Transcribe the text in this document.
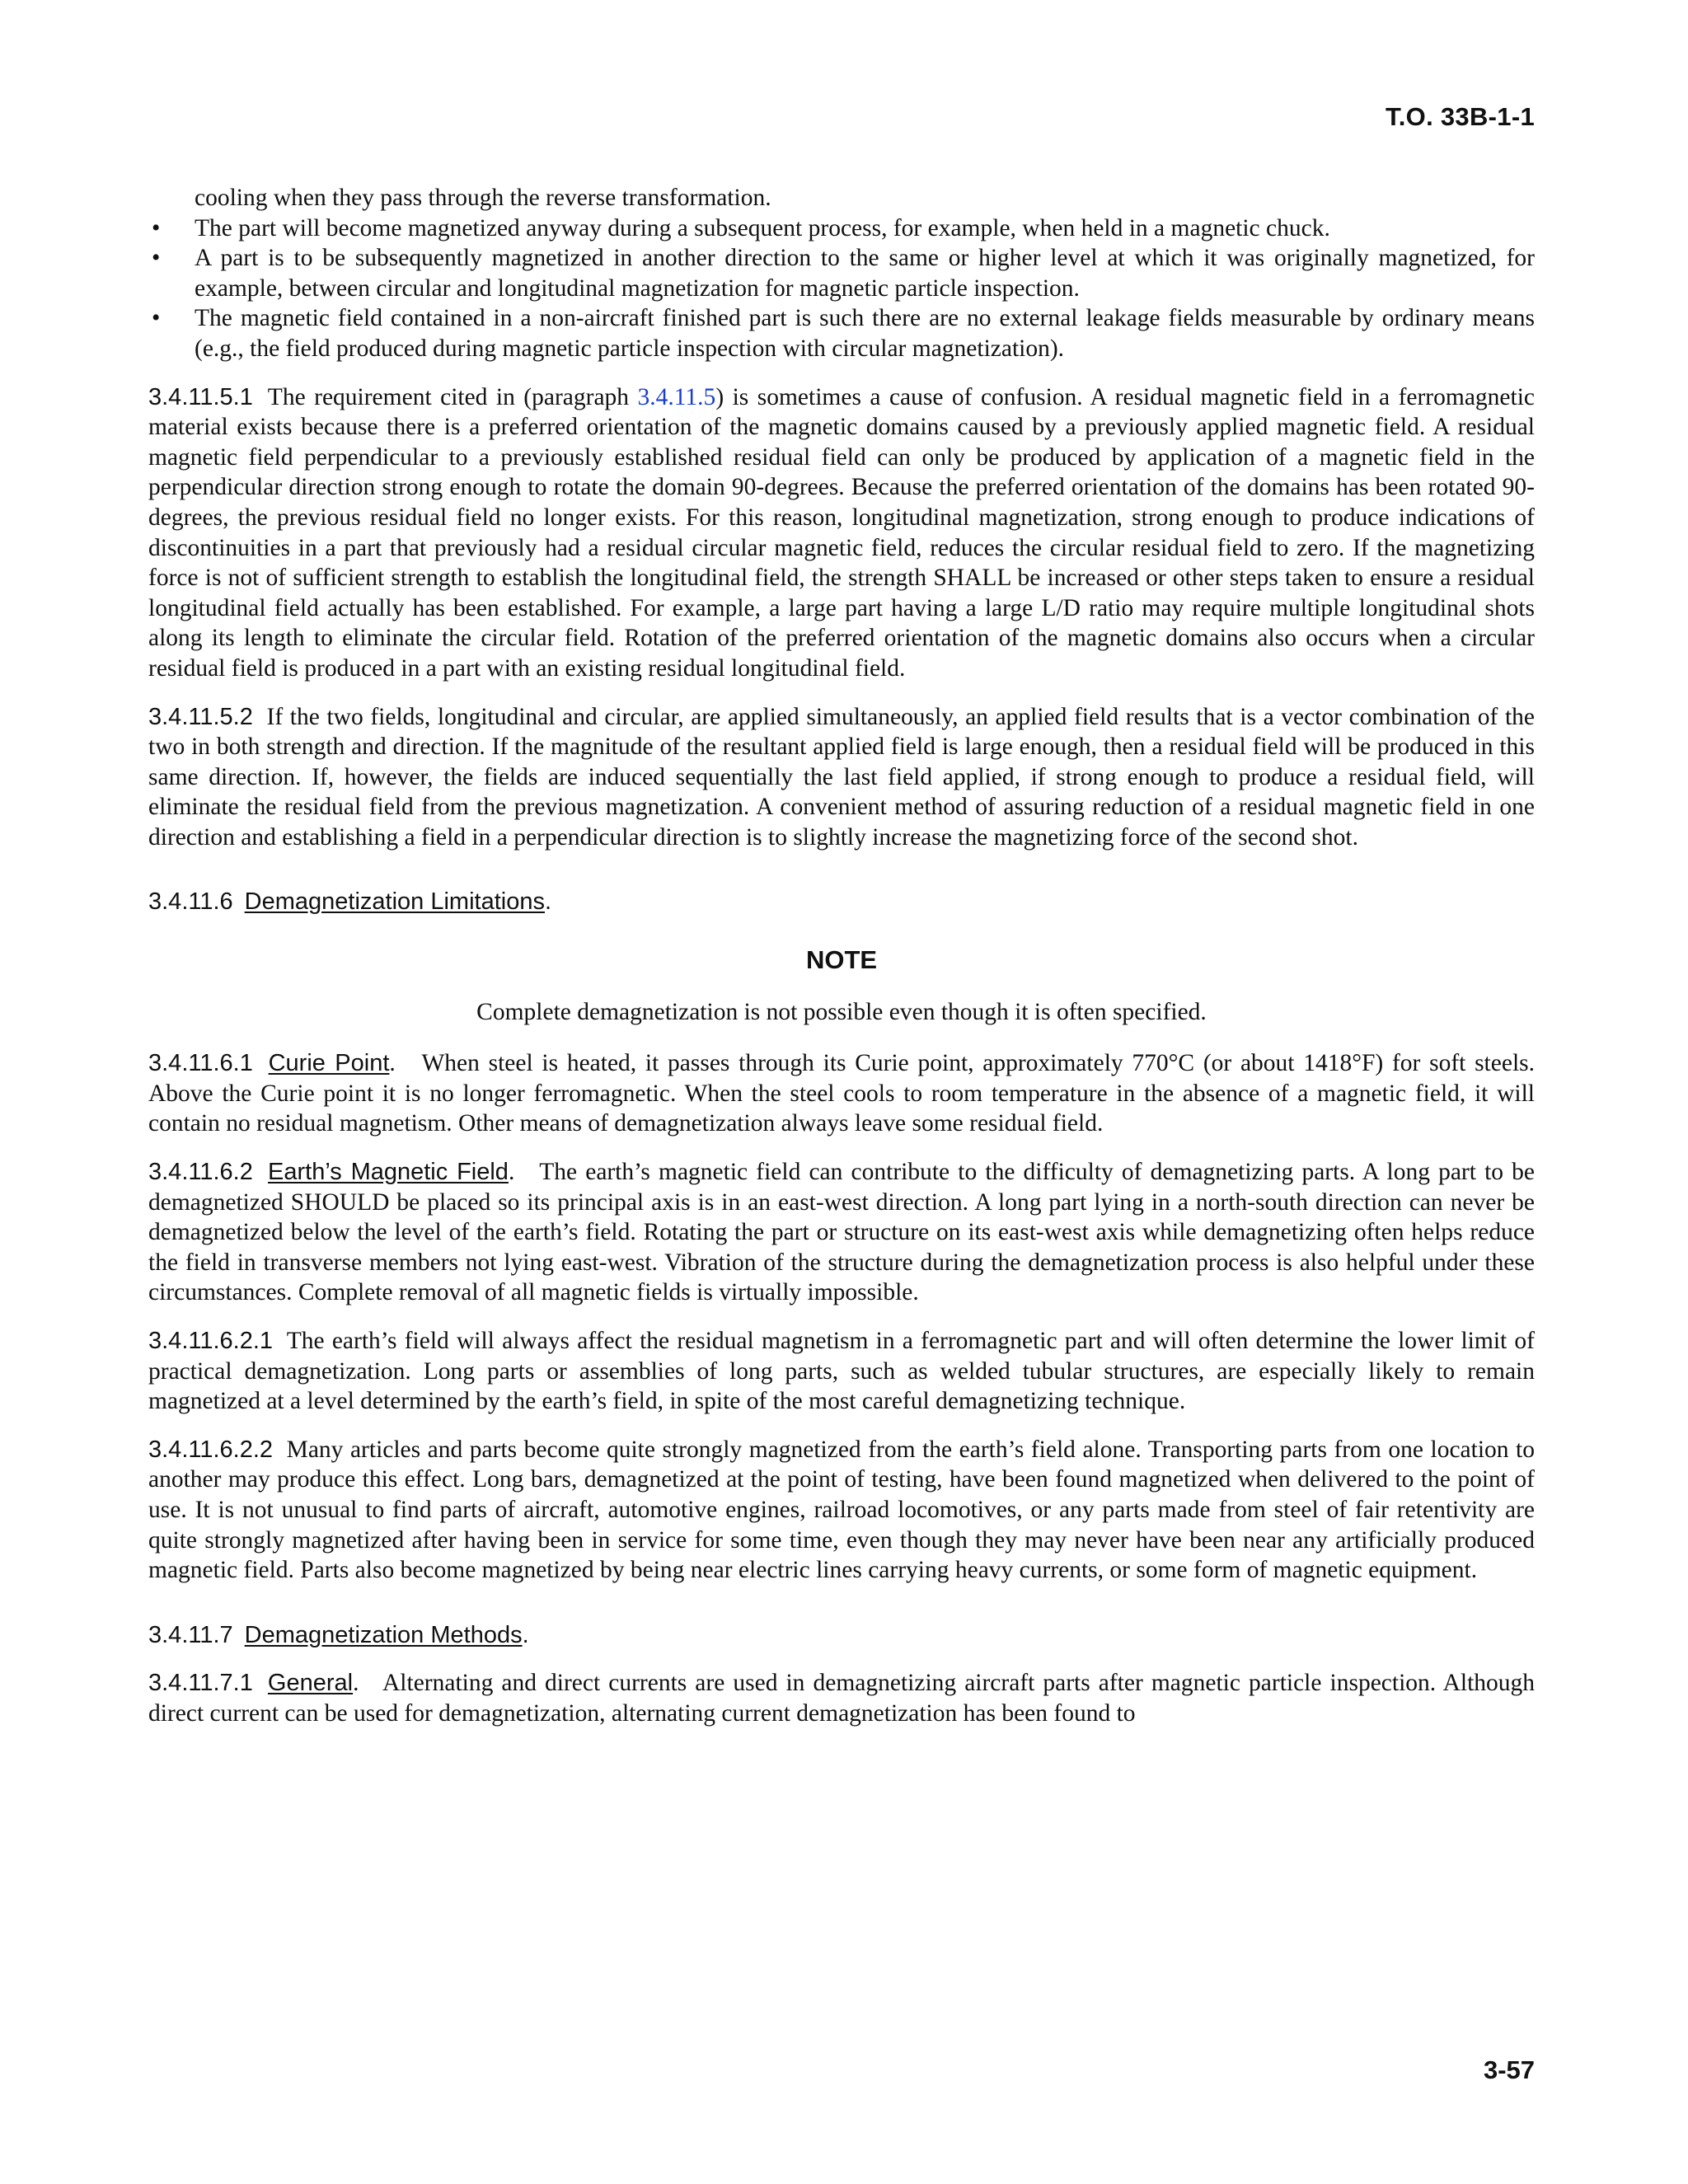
T.O. 33B-1-1

cooling when they pass through the reverse transformation.

• The part will become magnetized anyway during a subsequent process, for example, when held in a magnetic chuck.
• A part is to be subsequently magnetized in another direction to the same or higher level at which it was originally magnetized, for example, between circular and longitudinal magnetization for magnetic particle inspection.
• The magnetic field contained in a non-aircraft finished part is such there are no external leakage fields measurable by ordinary means (e.g., the field produced during magnetic particle inspection with circular magnetization).

3.4.11.5.1 The requirement cited in (paragraph 3.4.11.5) is sometimes a cause of confusion. A residual magnetic field in a ferromagnetic material exists because there is a preferred orientation of the magnetic domains caused by a previously applied magnetic field. A residual magnetic field perpendicular to a previously established residual field can only be produced by application of a magnetic field in the perpendicular direction strong enough to rotate the domain 90-degrees. Because the preferred orientation of the domains has been rotated 90-degrees, the previous residual field no longer exists. For this reason, longitudinal magnetization, strong enough to produce indications of discontinuities in a part that previously had a residual circular magnetic field, reduces the circular residual field to zero. If the magnetizing force is not of sufficient strength to establish the longitudinal field, the strength SHALL be increased or other steps taken to ensure a residual longitudinal field actually has been established. For example, a large part having a large L/D ratio may require multiple longitudinal shots along its length to eliminate the circular field. Rotation of the preferred orientation of the magnetic domains also occurs when a circular residual field is produced in a part with an existing residual longitudinal field.

3.4.11.5.2 If the two fields, longitudinal and circular, are applied simultaneously, an applied field results that is a vector combination of the two in both strength and direction. If the magnitude of the resultant applied field is large enough, then a residual field will be produced in this same direction. If, however, the fields are induced sequentially the last field applied, if strong enough to produce a residual field, will eliminate the residual field from the previous magnetization. A convenient method of assuring reduction of a residual magnetic field in one direction and establishing a field in a perpendicular direction is to slightly increase the magnetizing force of the second shot.

3.4.11.6 Demagnetization Limitations.

NOTE

Complete demagnetization is not possible even though it is often specified.

3.4.11.6.1 Curie Point. When steel is heated, it passes through its Curie point, approximately 770°C (or about 1418°F) for soft steels. Above the Curie point it is no longer ferromagnetic. When the steel cools to room temperature in the absence of a magnetic field, it will contain no residual magnetism. Other means of demagnetization always leave some residual field.

3.4.11.6.2 Earth’s Magnetic Field. The earth’s magnetic field can contribute to the difficulty of demagnetizing parts. A long part to be demagnetized SHOULD be placed so its principal axis is in an east-west direction. A long part lying in a north-south direction can never be demagnetized below the level of the earth’s field. Rotating the part or structure on its east-west axis while demagnetizing often helps reduce the field in transverse members not lying east-west. Vibration of the structure during the demagnetization process is also helpful under these circumstances. Complete removal of all magnetic fields is virtually impossible.

3.4.11.6.2.1 The earth’s field will always affect the residual magnetism in a ferromagnetic part and will often determine the lower limit of practical demagnetization. Long parts or assemblies of long parts, such as welded tubular structures, are especially likely to remain magnetized at a level determined by the earth’s field, in spite of the most careful demagnetizing technique.

3.4.11.6.2.2 Many articles and parts become quite strongly magnetized from the earth’s field alone. Transporting parts from one location to another may produce this effect. Long bars, demagnetized at the point of testing, have been found magnetized when delivered to the point of use. It is not unusual to find parts of aircraft, automotive engines, railroad locomotives, or any parts made from steel of fair retentivity are quite strongly magnetized after having been in service for some time, even though they may never have been near any artificially produced magnetic field. Parts also become magnetized by being near electric lines carrying heavy currents, or some form of magnetic equipment.

3.4.11.7 Demagnetization Methods.

3.4.11.7.1 General. Alternating and direct currents are used in demagnetizing aircraft parts after magnetic particle inspection. Although direct current can be used for demagnetization, alternating current demagnetization has been found to

3-57
